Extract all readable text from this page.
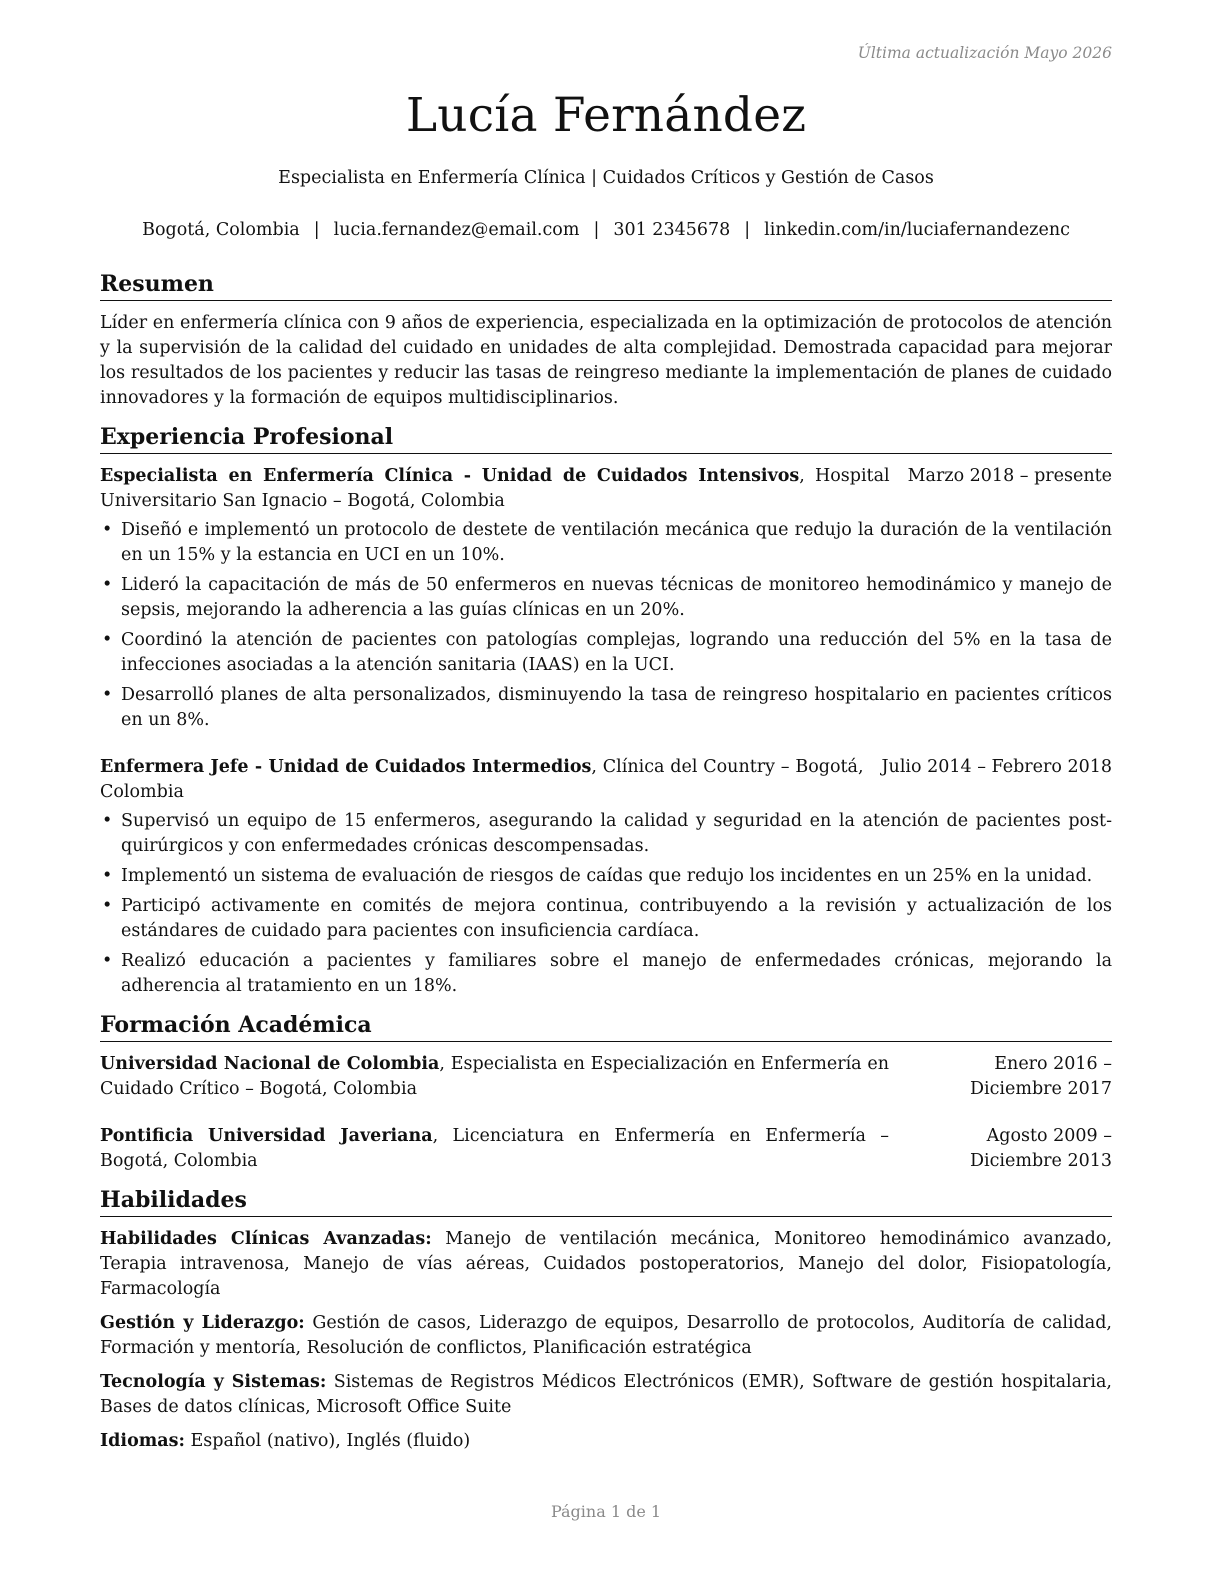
Última actualización Mayo 2026
Lucía Fernández
Especialista en Enfermería Clínica | Cuidados Críticos y Gestión de Casos
Bogotá, Colombia | lucia.fernandez@email.com | 301 2345678 | linkedin.com/in/luciafernandezenc
Resumen

Líder en enfermería clínica con 9 años de experiencia, especializada en la optimización de protocolos de atención y la supervisión de la calidad del cuidado en unidades de alta complejidad. Demostrada capacidad para mejorar los resultados de los pacientes y reducir las tasas de reingreso mediante la implementación de planes de cuidado innovadores y la formación de equipos multidisciplinarios.

Experiencia Profesional
Especialista en Enfermería Clínica - Unidad de Cuidados Intensivos, Hospital Universitario San Ignacio – Bogotá, Colombia
Marzo 2018 – presente
• Diseñó e implementó un protocolo de destete de ventilación mecánica que redujo la duración de la ventilación en un 15% y la estancia en UCI en un 10%.
• Lideró la capacitación de más de 50 enfermeros en nuevas técnicas de monitoreo hemodinámico y manejo de sepsis, mejorando la adherencia a las guías clínicas en un 20%.
• Coordinó la atención de pacientes con patologías complejas, logrando una reducción del 5% en la tasa de infecciones asociadas a la atención sanitaria (IAAS) en la UCI.
• Desarrolló planes de alta personalizados, disminuyendo la tasa de reingreso hospitalario en pacientes críticos en un 8%.
Enfermera Jefe - Unidad de Cuidados Intermedios, Clínica del Country – Bogotá, Colombia
Julio 2014 – Febrero 2018
• Supervisó un equipo de 15 enfermeros, asegurando la calidad y seguridad en la atención de pacientes post-quirúrgicos y con enfermedades crónicas descompensadas.
• Implementó un sistema de evaluación de riesgos de caídas que redujo los incidentes en un 25% en la unidad.
• Participó activamente en comités de mejora continua, contribuyendo a la revisión y actualización de los estándares de cuidado para pacientes con insuficiencia cardíaca.
• Realizó educación a pacientes y familiares sobre el manejo de enfermedades crónicas, mejorando la adherencia al tratamiento en un 18%.
Formación Académica
Universidad Nacional de Colombia, Especialista en Especialización en Enfermería en Cuidado Crítico – Bogotá, Colombia
Enero 2016 – Diciembre 2017
Pontificia Universidad Javeriana, Licenciatura en Enfermería en Enfermería – Bogotá, Colombia
Agosto 2009 – Diciembre 2013
Habilidades
Habilidades Clínicas Avanzadas: Manejo de ventilación mecánica, Monitoreo hemodinámico avanzado, Terapia intravenosa, Manejo de vías aéreas, Cuidados postoperatorios, Manejo del dolor, Fisiopatología, Farmacología
Gestión y Liderazgo: Gestión de casos, Liderazgo de equipos, Desarrollo de protocolos, Auditoría de calidad, Formación y mentoría, Resolución de conflictos, Planificación estratégica
Tecnología y Sistemas: Sistemas de Registros Médicos Electrónicos (EMR), Software de gestión hospitalaria, Bases de datos clínicas, Microsoft Office Suite
Idiomas: Español (nativo), Inglés (fluido)
Página 1 de 1
